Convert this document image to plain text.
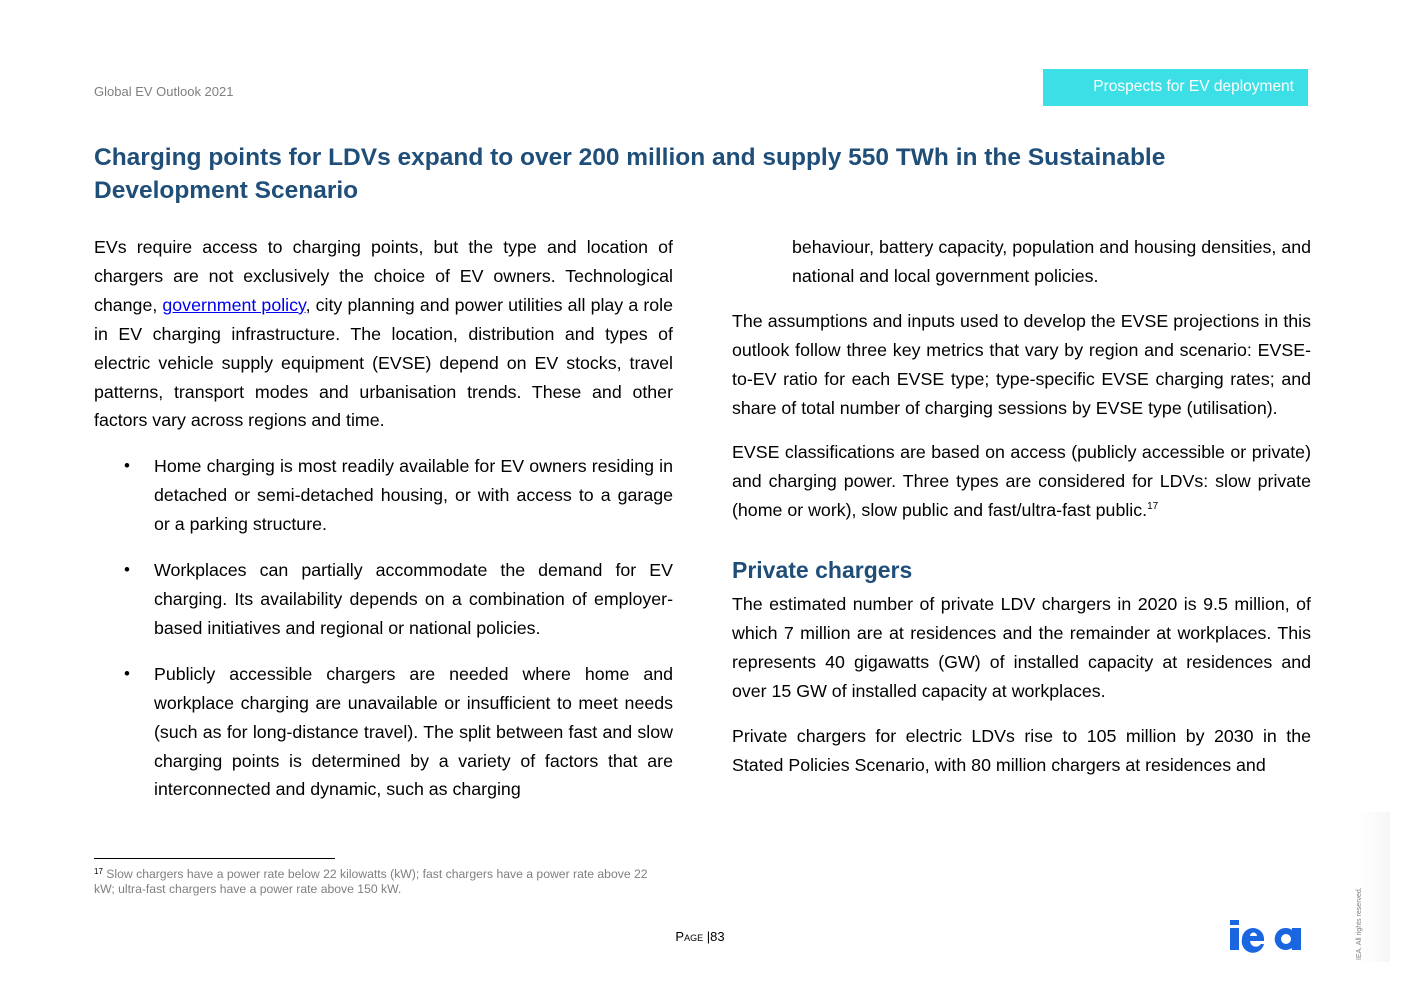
Global EV Outlook 2021	Prospects for EV deployment
Charging points for LDVs expand to over 200 million and supply 550 TWh in the Sustainable Development Scenario

EVs require access to charging points, but the type and location of chargers are not exclusively the choice of EV owners. Technological change, government policy, city planning and power utilities all play a role in EV charging infrastructure. The location, distribution and types of electric vehicle supply equipment (EVSE) depend on EV stocks, travel patterns, transport modes and urbanisation trends. These and other factors vary across regions and time.

• Home charging is most readily available for EV owners residing in detached or semi-detached housing, or with access to a garage or a parking structure.
• Workplaces can partially accommodate the demand for EV charging. Its availability depends on a combination of employer-based initiatives and regional or national policies.
• Publicly accessible chargers are needed where home and workplace charging are unavailable or insufficient to meet needs (such as for long-distance travel). The split between fast and slow charging points is determined by a variety of factors that are interconnected and dynamic, such as charging

behaviour, battery capacity, population and housing densities, and national and local government policies.

The assumptions and inputs used to develop the EVSE projections in this outlook follow three key metrics that vary by region and scenario: EVSE-to-EV ratio for each EVSE type; type-specific EVSE charging rates; and share of total number of charging sessions by EVSE type (utilisation).

EVSE classifications are based on access (publicly accessible or private) and charging power. Three types are considered for LDVs: slow private (home or work), slow public and fast/ultra-fast public.$^{17}$

Private chargers

The estimated number of private LDV chargers in 2020 is 9.5 million, of which 7 million are at residences and the remainder at workplaces. This represents 40 gigawatts (GW) of installed capacity at residences and over 15 GW of installed capacity at workplaces.

Private chargers for electric LDVs rise to 105 million by 2030 in the Stated Policies Scenario, with 80 million chargers at residences and

$^{17}$ Slow chargers have a power rate below 22 kilowatts (kW); fast chargers have a power rate above 22 kW; ultra-fast chargers have a power rate above 150 kW.
Page |83	IEA. All rights reserved.
